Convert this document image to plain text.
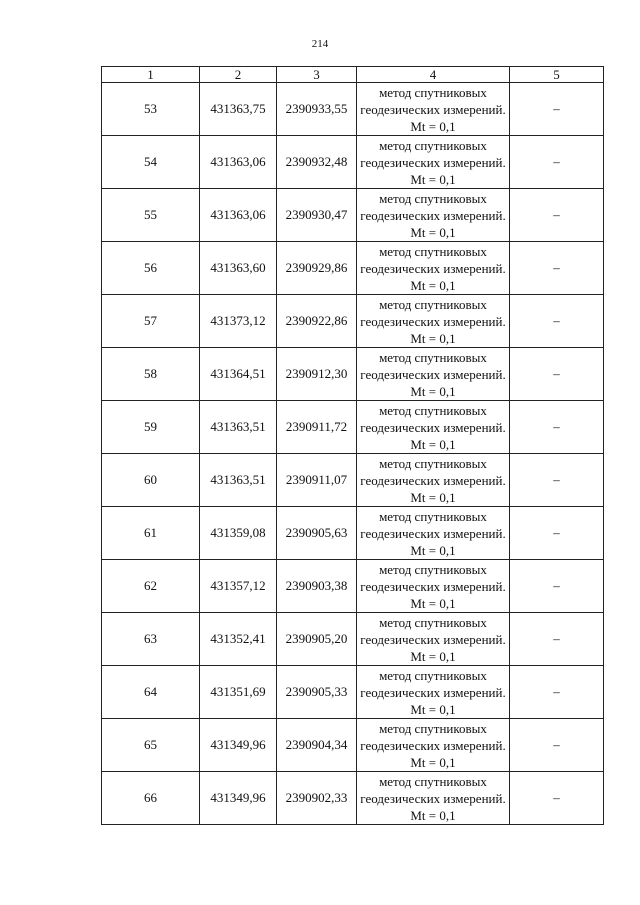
214
1	2	3	4	5
53	431363,75	2390933,55	метод спутниковых геодезических измерений. Mt = 0,1	–
54	431363,06	2390932,48	метод спутниковых геодезических измерений. Mt = 0,1	–
55	431363,06	2390930,47	метод спутниковых геодезических измерений. Mt = 0,1	–
56	431363,60	2390929,86	метод спутниковых геодезических измерений. Mt = 0,1	–
57	431373,12	2390922,86	метод спутниковых геодезических измерений. Mt = 0,1	–
58	431364,51	2390912,30	метод спутниковых геодезических измерений. Mt = 0,1	–
59	431363,51	2390911,72	метод спутниковых геодезических измерений. Mt = 0,1	–
60	431363,51	2390911,07	метод спутниковых геодезических измерений. Mt = 0,1	–
61	431359,08	2390905,63	метод спутниковых геодезических измерений. Mt = 0,1	–
62	431357,12	2390903,38	метод спутниковых геодезических измерений. Mt = 0,1	–
63	431352,41	2390905,20	метод спутниковых геодезических измерений. Mt = 0,1	–
64	431351,69	2390905,33	метод спутниковых геодезических измерений. Mt = 0,1	–
65	431349,96	2390904,34	метод спутниковых геодезических измерений. Mt = 0,1	–
66	431349,96	2390902,33	метод спутниковых геодезических измерений. Mt = 0,1	–
